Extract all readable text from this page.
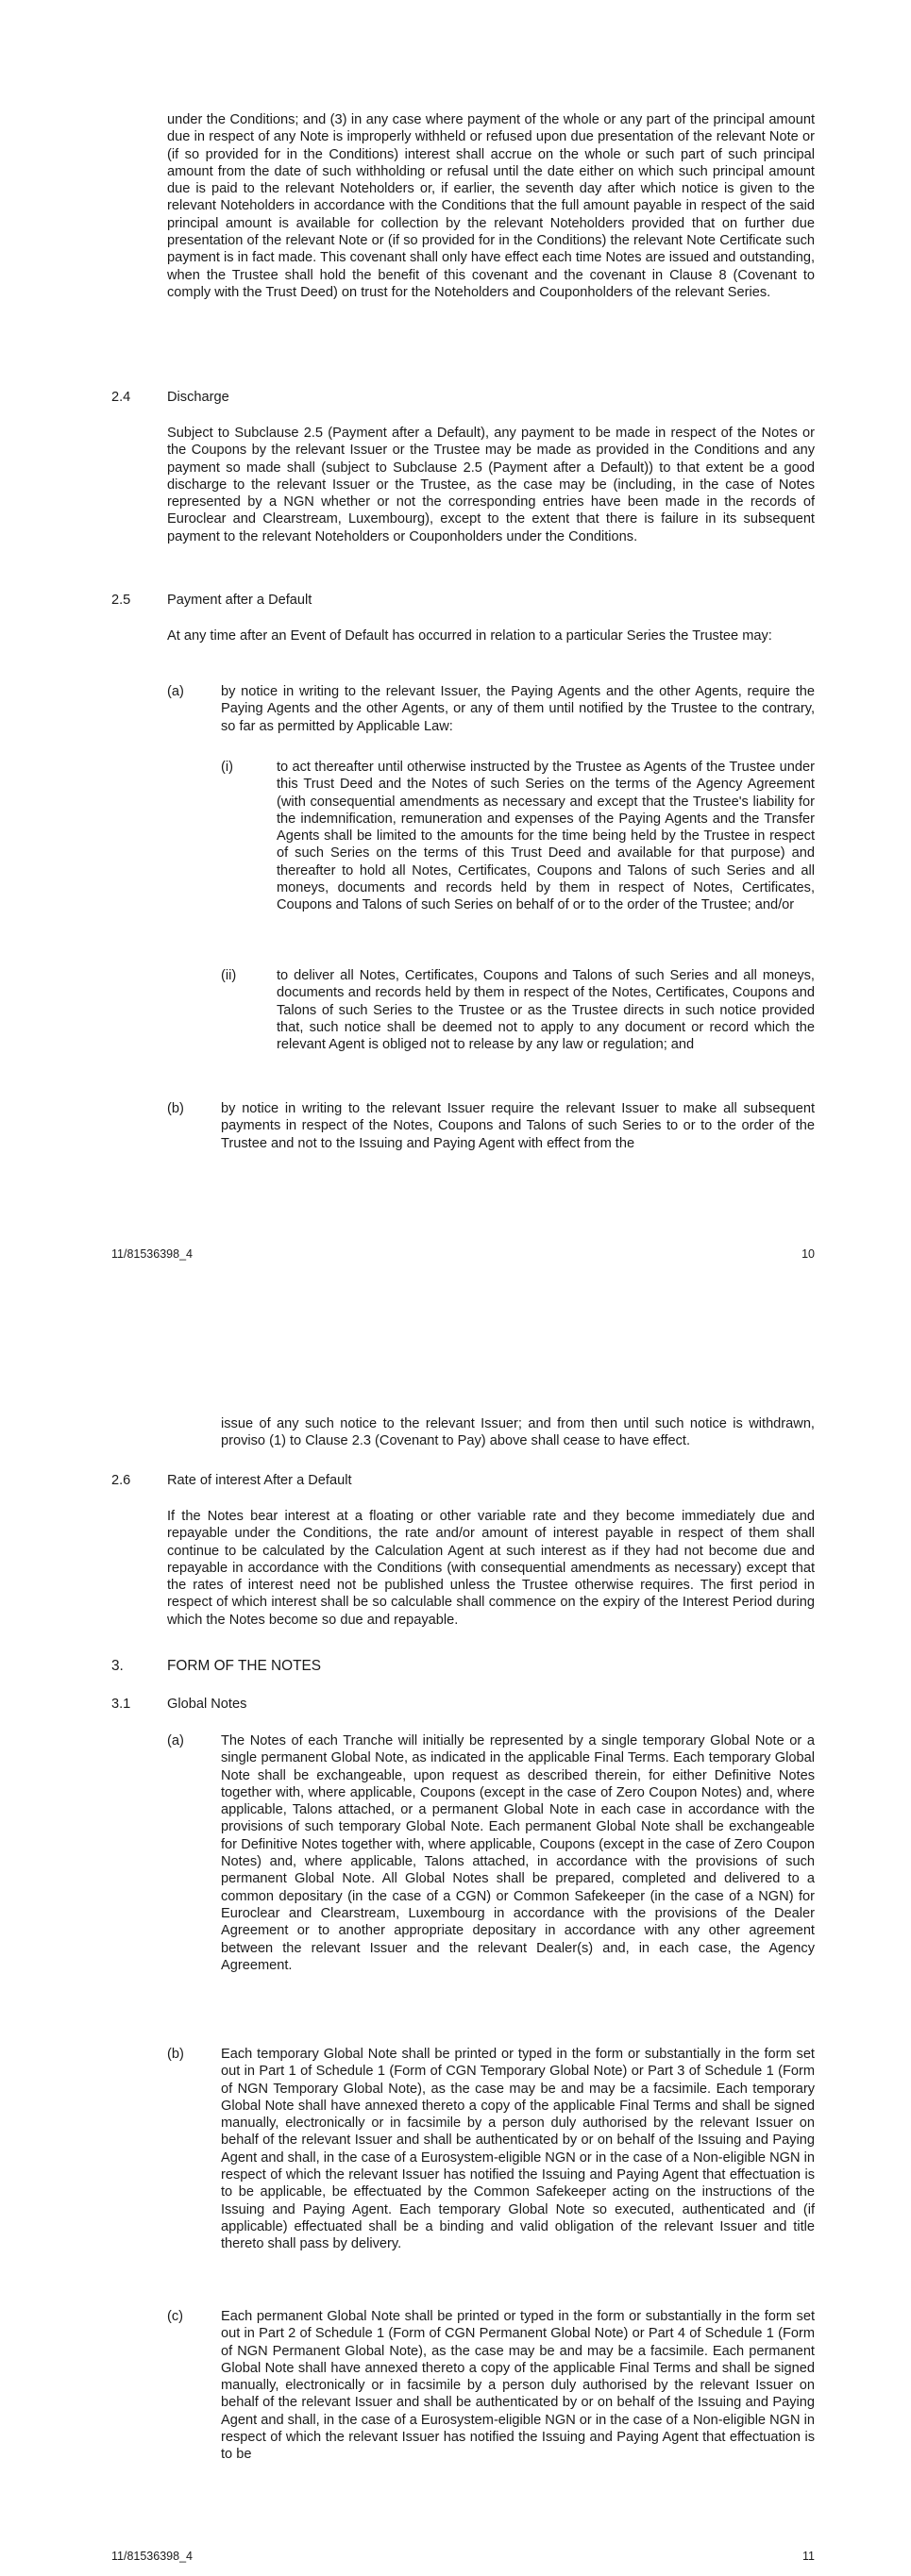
under the Conditions; and (3) in any case where payment of the whole or any part of the principal amount due in respect of any Note is improperly withheld or refused upon due presentation of the relevant Note or (if so provided for in the Conditions) interest shall accrue on the whole or such part of such principal amount from the date of such withholding or refusal until the date either on which such principal amount due is paid to the relevant Noteholders or, if earlier, the seventh day after which notice is given to the relevant Noteholders in accordance with the Conditions that the full amount payable in respect of the said principal amount is available for collection by the relevant Noteholders provided that on further due presentation of the relevant Note or (if so provided for in the Conditions) the relevant Note Certificate such payment is in fact made. This covenant shall only have effect each time Notes are issued and outstanding, when the Trustee shall hold the benefit of this covenant and the covenant in Clause 8 (Covenant to comply with the Trust Deed) on trust for the Noteholders and Couponholders of the relevant Series.

2.4	Discharge

Subject to Subclause 2.5 (Payment after a Default), any payment to be made in respect of the Notes or the Coupons by the relevant Issuer or the Trustee may be made as provided in the Conditions and any payment so made shall (subject to Subclause 2.5 (Payment after a Default)) to that extent be a good discharge to the relevant Issuer or the Trustee, as the case may be (including, in the case of Notes represented by a NGN whether or not the corresponding entries have been made in the records of Euroclear and Clearstream, Luxembourg), except to the extent that there is failure in its subsequent payment to the relevant Noteholders or Couponholders under the Conditions.

2.5	Payment after a Default

At any time after an Event of Default has occurred in relation to a particular Series the Trustee may:

(a)	by notice in writing to the relevant Issuer, the Paying Agents and the other Agents, require the Paying Agents and the other Agents, or any of them until notified by the Trustee to the contrary, so far as permitted by Applicable Law:

(i)	to act thereafter until otherwise instructed by the Trustee as Agents of the Trustee under this Trust Deed and the Notes of such Series on the terms of the Agency Agreement (with consequential amendments as necessary and except that the Trustee's liability for the indemnification, remuneration and expenses of the Paying Agents and the Transfer Agents shall be limited to the amounts for the time being held by the Trustee in respect of such Series on the terms of this Trust Deed and available for that purpose) and thereafter to hold all Notes, Certificates, Coupons and Talons of such Series and all moneys, documents and records held by them in respect of Notes, Certificates, Coupons and Talons of such Series on behalf of or to the order of the Trustee; and/or

(ii)	to deliver all Notes, Certificates, Coupons and Talons of such Series and all moneys, documents and records held by them in respect of the Notes, Certificates, Coupons and Talons of such Series to the Trustee or as the Trustee directs in such notice provided that, such notice shall be deemed not to apply to any document or record which the relevant Agent is obliged not to release by any law or regulation; and

(b)	by notice in writing to the relevant Issuer require the relevant Issuer to make all subsequent payments in respect of the Notes, Coupons and Talons of such Series to or to the order of the Trustee and not to the Issuing and Paying Agent with effect from the

11/81536398_4	10

issue of any such notice to the relevant Issuer; and from then until such notice is withdrawn, proviso (1) to Clause 2.3 (Covenant to Pay) above shall cease to have effect.

2.6	Rate of interest After a Default

If the Notes bear interest at a floating or other variable rate and they become immediately due and repayable under the Conditions, the rate and/or amount of interest payable in respect of them shall continue to be calculated by the Calculation Agent at such interest as if they had not become due and repayable in accordance with the Conditions (with consequential amendments as necessary) except that the rates of interest need not be published unless the Trustee otherwise requires. The first period in respect of which interest shall be so calculable shall commence on the expiry of the Interest Period during which the Notes become so due and repayable.

3.	FORM OF THE NOTES
3.1	Global Notes
(a)	The Notes of each Tranche will initially be represented by a single temporary Global Note or a single permanent Global Note, as indicated in the applicable Final Terms. Each temporary Global Note shall be exchangeable, upon request as described therein, for either Definitive Notes together with, where applicable, Coupons (except in the case of Zero Coupon Notes) and, where applicable, Talons attached, or a permanent Global Note in each case in accordance with the provisions of such temporary Global Note. Each permanent Global Note shall be exchangeable for Definitive Notes together with, where applicable, Coupons (except in the case of Zero Coupon Notes) and, where applicable, Talons attached, in accordance with the provisions of such permanent Global Note. All Global Notes shall be prepared, completed and delivered to a common depositary (in the case of a CGN) or Common Safekeeper (in the case of a NGN) for Euroclear and Clearstream, Luxembourg in accordance with the provisions of the Dealer Agreement or to another appropriate depositary in accordance with any other agreement between the relevant Issuer and the relevant Dealer(s) and, in each case, the Agency Agreement.

(b)	Each temporary Global Note shall be printed or typed in the form or substantially in the form set out in Part 1 of Schedule 1 (Form of CGN Temporary Global Note) or Part 3 of Schedule 1 (Form of NGN Temporary Global Note), as the case may be and may be a facsimile. Each temporary Global Note shall have annexed thereto a copy of the applicable Final Terms and shall be signed manually, electronically or in facsimile by a person duly authorised by the relevant Issuer on behalf of the relevant Issuer and shall be authenticated by or on behalf of the Issuing and Paying Agent and shall, in the case of a Eurosystem-eligible NGN or in the case of a Non-eligible NGN in respect of which the relevant Issuer has notified the Issuing and Paying Agent that effectuation is to be applicable, be effectuated by the Common Safekeeper acting on the instructions of the Issuing and Paying Agent. Each temporary Global Note so executed, authenticated and (if applicable) effectuated shall be a binding and valid obligation of the relevant Issuer and title thereto shall pass by delivery.

(c)	Each permanent Global Note shall be printed or typed in the form or substantially in the form set out in Part 2 of Schedule 1 (Form of CGN Permanent Global Note) or Part 4 of Schedule 1 (Form of NGN Permanent Global Note), as the case may be and may be a facsimile. Each permanent Global Note shall have annexed thereto a copy of the applicable Final Terms and shall be signed manually, electronically or in facsimile by a person duly authorised by the relevant Issuer on behalf of the relevant Issuer and shall be authenticated by or on behalf of the Issuing and Paying Agent and shall, in the case of a Eurosystem-eligible NGN or in the case of a Non-eligible NGN in respect of which the relevant Issuer has notified the Issuing and Paying Agent that effectuation is to be

11/81536398_4	11
